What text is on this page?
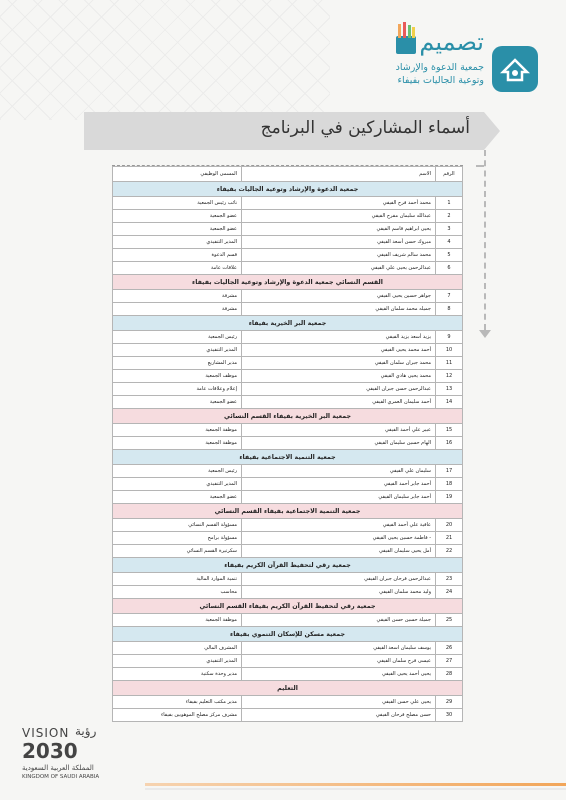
تصميم
جمعية الدعوة والإرشاد
وتوعية الجاليات بفيفاء
أسماء المشاركين في البرنامج
الرقم	الاسم	المسمى الوظيفي
جمعية الدعوة والإرشاد وتوعية الجاليات بفيفاء		
1	محمد أحمد فرح الفيفي	نائب رئيس الجمعية
2	عبدالله سليمان مفرح الفيفي	عضو الجمعية
3	يحيى ابراهيم قاسم الفيفي	عضو الجمعية
4	مبروك حسن أسعد الفيفي	المدير التنفيذي
5	محمد سالم شريف الفيفي	قسم الدعوة
6	عبدالرحمن يحيى علي الفيفي	علاقات عامة
القسم النسائي جمعية الدعوة والإرشاد وتوعية الجاليات بفيفاء		
7	جواهر حسين يحيى الفيفي	مشرفة
8	جميله محمد سلمان الفيفي	مشرفة
جمعية البر الخيرية بفيفاء		
9	يزيد أسعد يزيد الفيفي	رئيس الجمعية
10	أحمد محمد يحيى الفيفي	المدير التنفيذي
11	محمد جبران سلمان الفيفي	مدير المشاريع
12	محمد يحيى هادي الفيفي	موظف الجمعية
13	عبدالرحمن حسن جبران الفيفي	إعلام وعلاقات عامة
14	أحمد سليمان العمري الفيفي	عضو الجمعية
جمعية البر الخيرية بفيفاء القسم النسائي		
15	عبير علي أحمد الفيفي	موظفة الجمعية
16	الهام حسين سليمان الفيفي	موظفة الجمعية
جمعية التنمية الاجتماعية بفيفاء		
17	سليمان علي الفيفي	رئيس الجمعية
18	أحمد جابر أحمد الفيفي	المدير التنفيذي
19	أحمد جابر سليمان الفيفي	عضو الجمعية
جمعية التنمية الاجتماعية بفيفاء القسم النسائي		
20	عافية علي أحمد الفيفي	مسؤولة القسم النسائي
21	- فاطمة حسين يحيى الفيفي	مسؤولة برامج
22	أمل يحيى سليمان الفيفي	سكرتيرة القسم النسائي
جمعية رقي لتحفيظ القرآن الكريم بفيفاء		
23	عبدالرحمن فرحان جبران الفيفي	تنمية الموارد المالية
24	وليد محمد سلمان الفيفي	محاسب
جمعية رقي لتحفيظ القرآن الكريم بفيفاء القسم النسائي		
25	جميلة حسين حسن الفيفي	موظفة الجمعية
جمعية مسكن للإسكان التنموي بفيفاء		
26	يوسف سليمان اسعد الفيفي	المشرف المالي
27	عيسى فرح سلمان الفيفي	المدير التنفيذي
28	يحيى أحمد يحيى الفيفي	مدير وحدة سكنية
التعليم		
29	يحيى علي حسن الفيفي	مدير مكتب التعليم بفيفاء
30	حسن مصلح فرحان الفيفي	مشرف مركز مصلح الموهوبين بفيفاء
VISION رؤية
2030
المملكة العربية السعودية
KINGDOM OF SAUDI ARABIA
